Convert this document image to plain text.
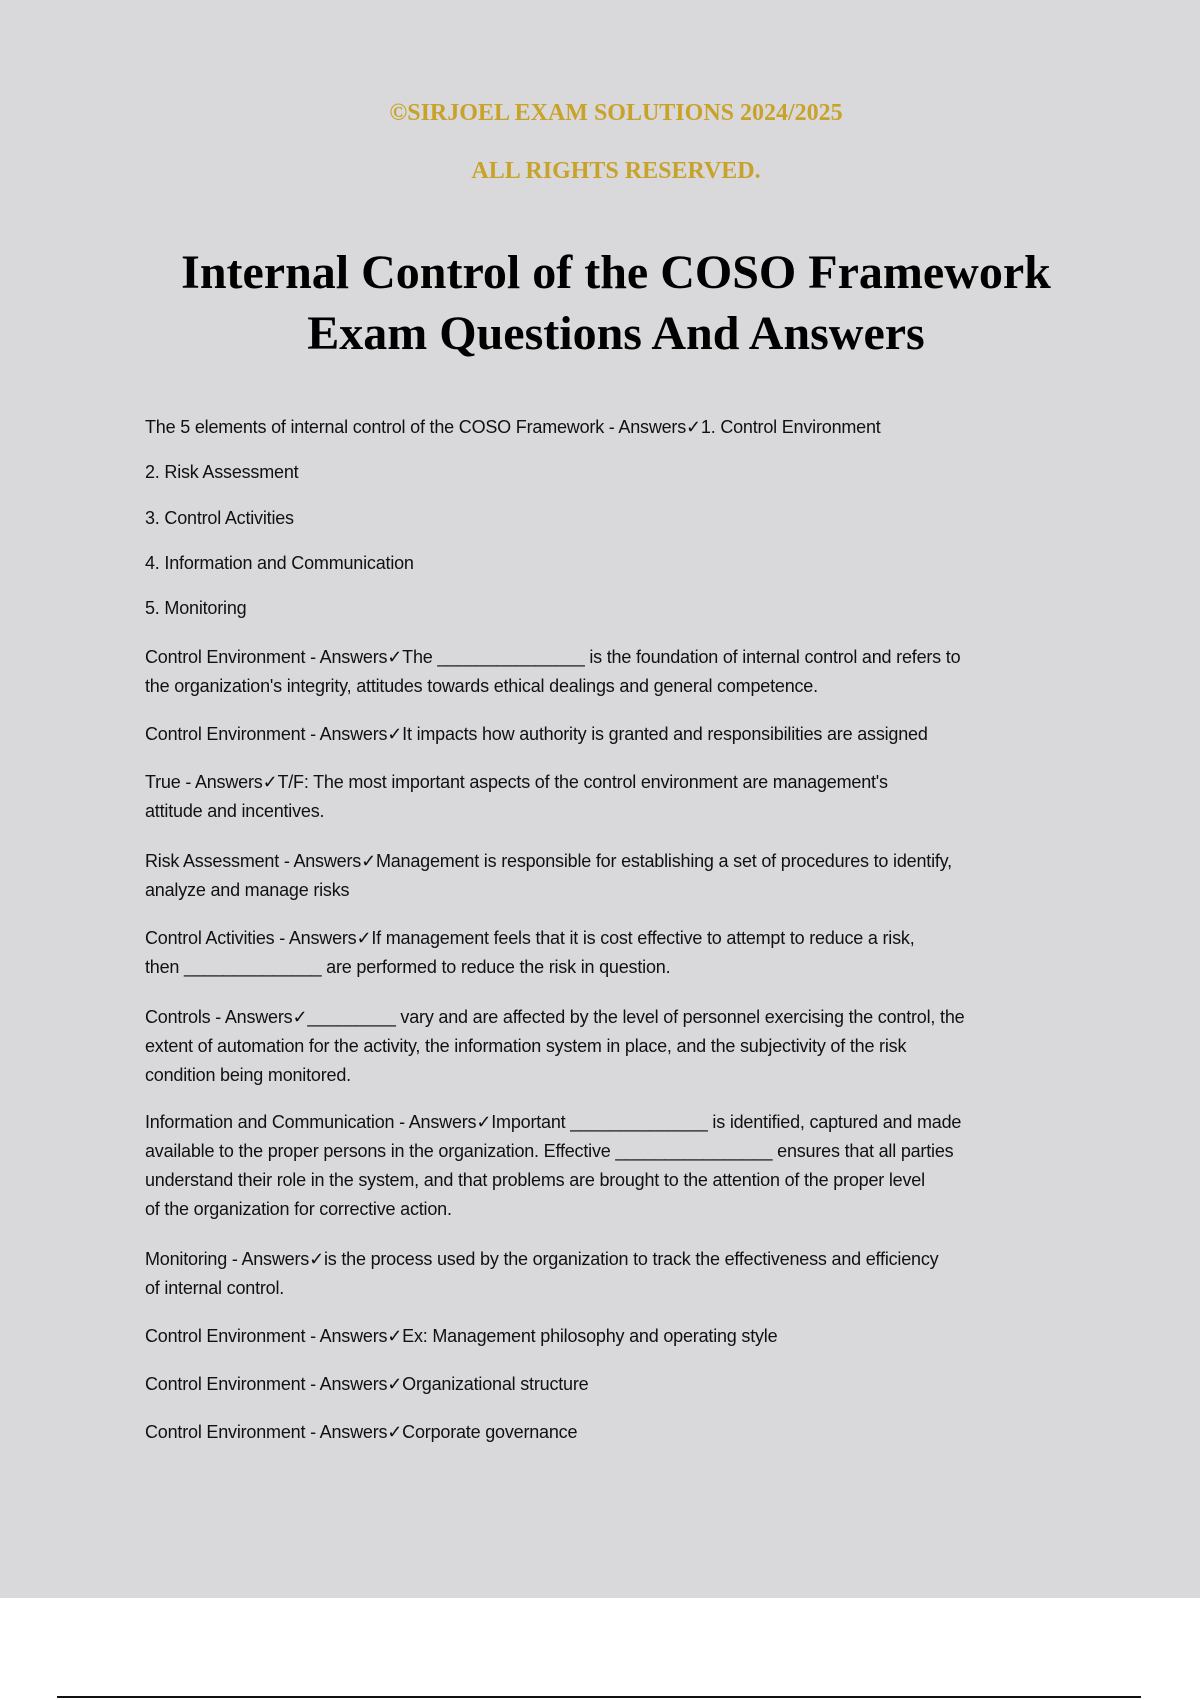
©SIRJOEL EXAM SOLUTIONS 2024/2025
ALL RIGHTS RESERVED.
Internal Control of the COSO Framework
Exam Questions And Answers
The 5 elements of internal control of the COSO Framework - Answers✓1. Control Environment
2. Risk Assessment
3. Control Activities
4. Information and Communication
5. Monitoring
Control Environment - Answers✓The _______________ is the foundation of internal control and refers to
the organization's integrity, attitudes towards ethical dealings and general competence.
Control Environment - Answers✓It impacts how authority is granted and responsibilities are assigned
True - Answers✓T/F: The most important aspects of the control environment are management's
attitude and incentives.
Risk Assessment - Answers✓Management is responsible for establishing a set of procedures to identify,
analyze and manage risks
Control Activities - Answers✓If management feels that it is cost effective to attempt to reduce a risk,
then ______________ are performed to reduce the risk in question.
Controls - Answers✓_________ vary and are affected by the level of personnel exercising the control, the
extent of automation for the activity, the information system in place, and the subjectivity of the risk
condition being monitored.
Information and Communication - Answers✓Important ______________ is identified, captured and made
available to the proper persons in the organization. Effective ________________ ensures that all parties
understand their role in the system, and that problems are brought to the attention of the proper level
of the organization for corrective action.
Monitoring - Answers✓is the process used by the organization to track the effectiveness and efficiency
of internal control.
Control Environment - Answers✓Ex: Management philosophy and operating style
Control Environment - Answers✓Organizational structure
Control Environment - Answers✓Corporate governance
